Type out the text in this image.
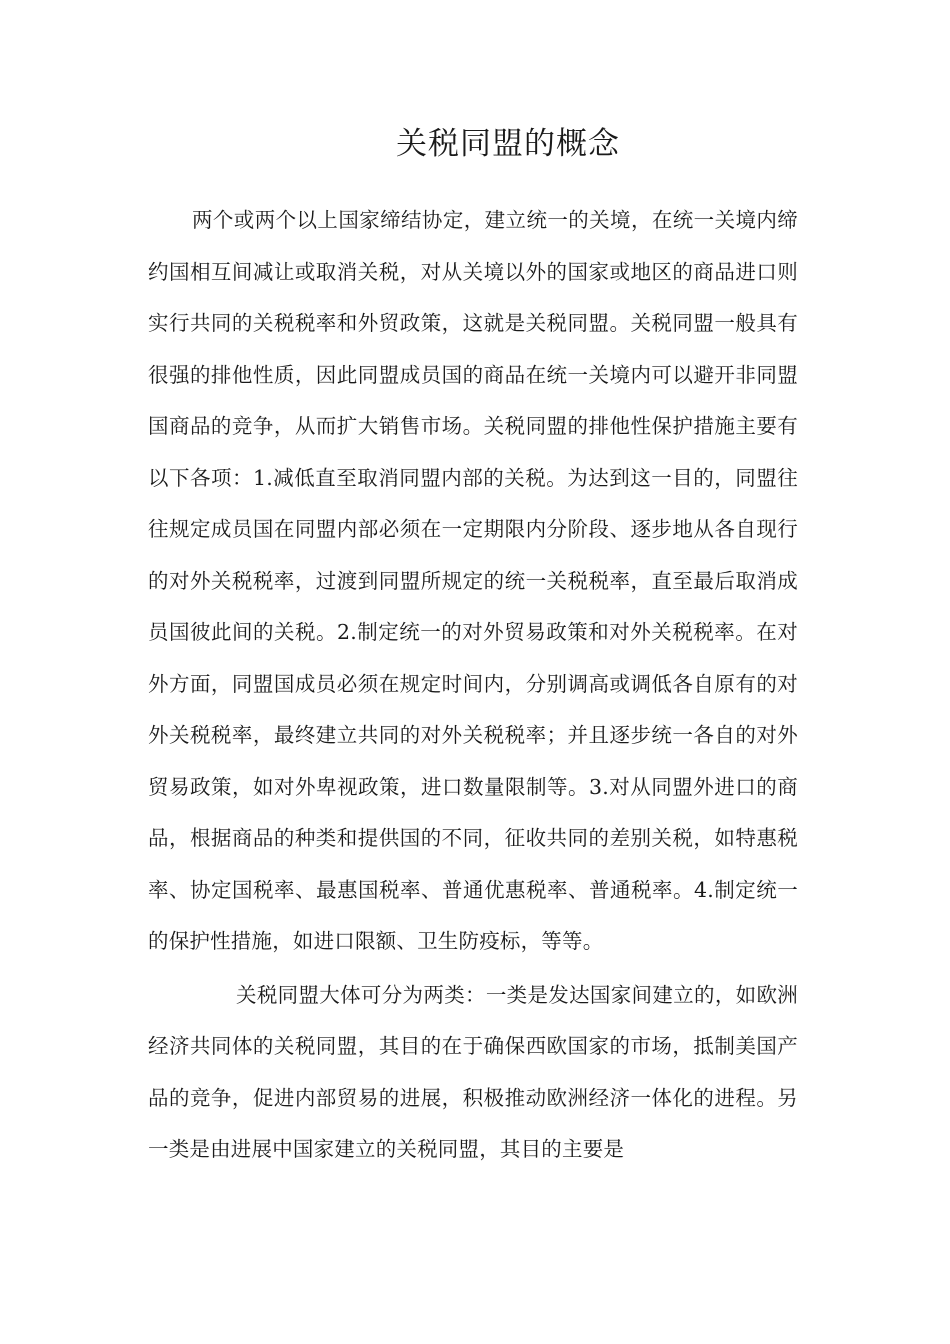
关税同盟的概念

两个或两个以上国家缔结协定，建立统一的关境，在统一关境内缔约国相互间减让或取消关税，对从关境以外的国家或地区的商品进口则实行共同的关税税率和外贸政策，这就是关税同盟。关税同盟一般具有很强的排他性质，因此同盟成员国的商品在统一关境内可以避开非同盟国商品的竞争，从而扩大销售市场。关税同盟的排他性保护措施主要有以下各项：1.减低直至取消同盟内部的关税。为达到这一目的，同盟往往规定成员国在同盟内部必须在一定期限内分阶段、逐步地从各自现行的对外关税税率，过渡到同盟所规定的统一关税税率，直至最后取消成员国彼此间的关税。2.制定统一的对外贸易政策和对外关税税率。在对外方面，同盟国成员必须在规定时间内，分别调高或调低各自原有的对外关税税率，最终建立共同的对外关税税率；并且逐步统一各自的对外贸易政策，如对外卑视政策，进口数量限制等。3.对从同盟外进口的商品，根据商品的种类和提供国的不同，征收共同的差别关税，如特惠税率、协定国税率、最惠国税率、普通优惠税率、普通税率。4.制定统一的保护性措施，如进口限额、卫生防疫标，等等。

关税同盟大体可分为两类：一类是发达国家间建立的，如欧洲经济共同体的关税同盟，其目的在于确保西欧国家的市场，抵制美国产品的竞争，促进内部贸易的进展，积极推动欧洲经济一体化的进程。另一类是由进展中国家建立的关税同盟，其目的主要是
